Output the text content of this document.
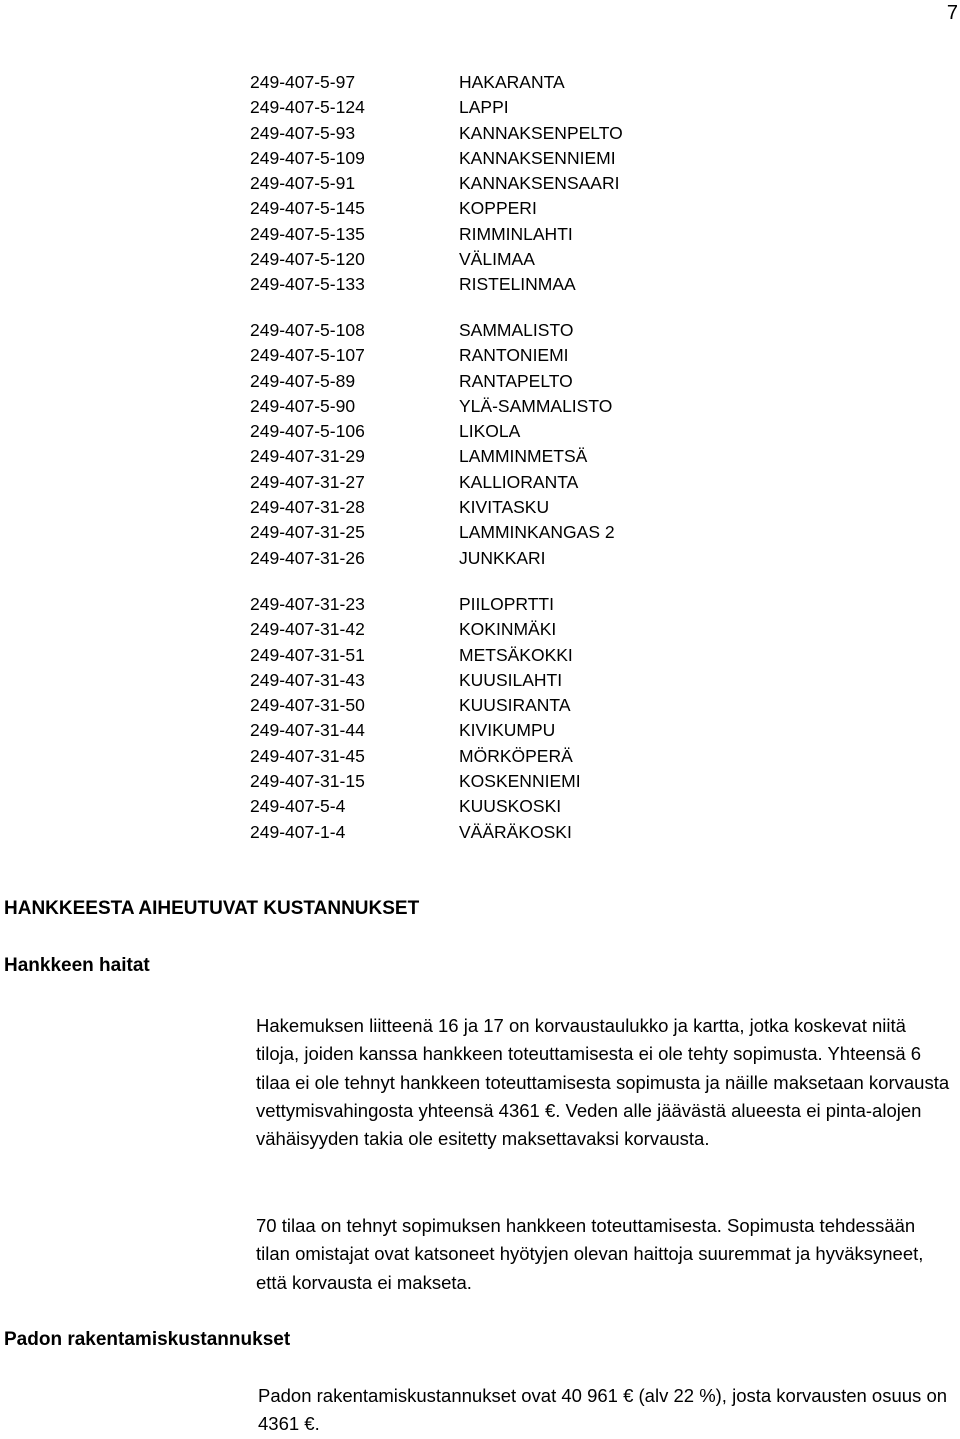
7
249-407-5-97	HAKARANTA
249-407-5-124	LAPPI
249-407-5-93	KANNAKSENPELTO
249-407-5-109	KANNAKSENNIEMI
249-407-5-91	KANNAKSENSAARI
249-407-5-145	KOPPERI
249-407-5-135	RIMMINLAHTI
249-407-5-120	VÄLIMAA
249-407-5-133	RISTELINMAA
249-407-5-108	SAMMALISTO
249-407-5-107	RANTONIEMI
249-407-5-89	RANTAPELTO
249-407-5-90	YLÄ-SAMMALISTO
249-407-5-106	LIKOLA
249-407-31-29	LAMMINMETSÄ
249-407-31-27	KALLIORANTA
249-407-31-28	KIVITASKU
249-407-31-25	LAMMINKANGAS 2
249-407-31-26	JUNKKARI
249-407-31-23	PIILOPRTTI
249-407-31-42	KOKINMÄKI
249-407-31-51	METSÄKOKKI
249-407-31-43	KUUSILAHTI
249-407-31-50	KUUSIRANTA
249-407-31-44	KIVIKUMPU
249-407-31-45	MÖRKÖPERÄ
249-407-31-15	KOSKENNIEMI
249-407-5-4	KUUSKOSKI
249-407-1-4	VÄÄRÄKOSKI
HANKKEESTA AIHEUTUVAT KUSTANNUKSET
Hankkeen haitat

Hakemuksen liitteenä 16 ja 17 on korvaustaulukko ja kartta, jotka koskevat niitä tiloja, joiden kanssa hankkeen toteuttamisesta ei ole tehty sopimusta. Yhteensä 6 tilaa ei ole tehnyt hankkeen toteuttamisesta sopimusta ja näille maksetaan korvausta vettymisvahingosta yhteensä 4361 €. Veden alle jäävästä alueesta ei pinta-alojen vähäisyyden takia ole esitetty maksettavaksi korvausta.

70 tilaa on tehnyt sopimuksen hankkeen toteuttamisesta. Sopimusta tehdessään tilan omistajat ovat katsoneet hyötyjen olevan haittoja suuremmat ja hyväksyneet, että korvausta ei makseta.

Padon rakentamiskustannukset

Padon rakentamiskustannukset ovat 40 961 € (alv 22 %), josta korvausten osuus on 4361 €.
